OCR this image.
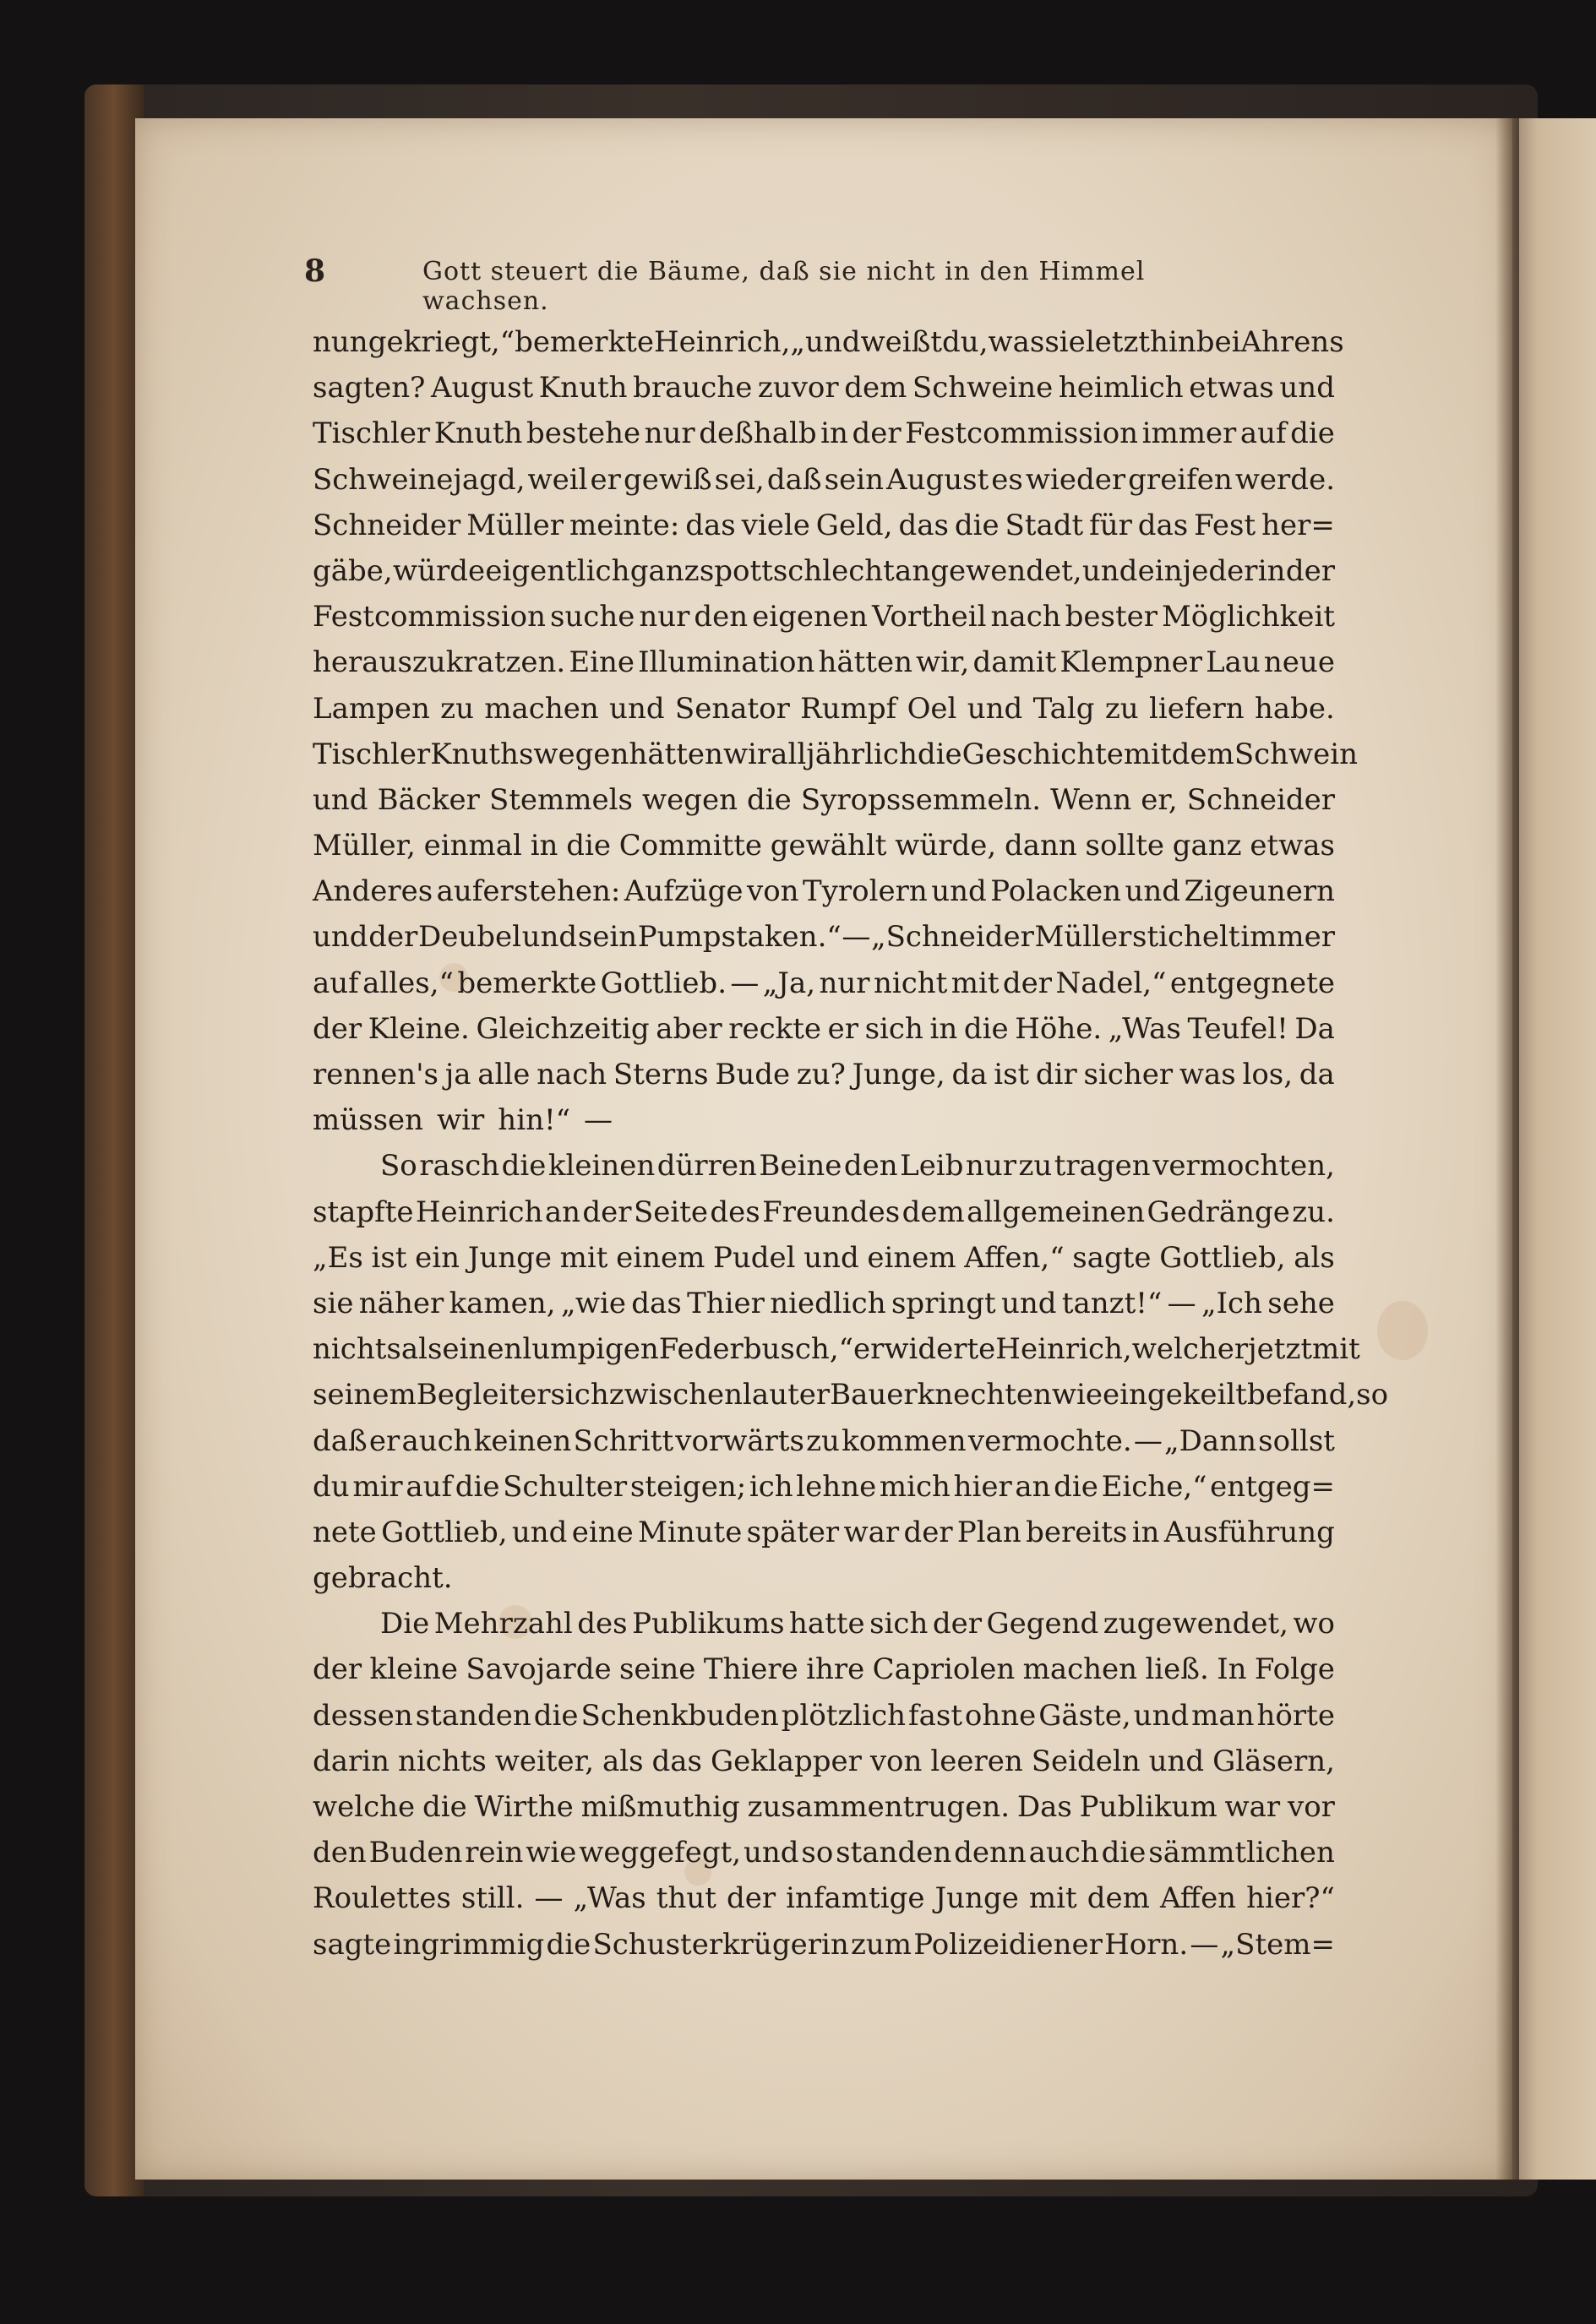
8	Gott steuert die Bäume, daß sie nicht in den Himmel wachsen.
nun gekriegt,“ bemerkte Heinrich, „und weißt du, was sie letzthin bei Ahrens
sagten? August Knuth brauche zuvor dem Schweine heimlich etwas und
Tischler Knuth bestehe nur deßhalb in der Festcommission immer auf die
Schweinejagd, weil er gewiß sei, daß sein August es wieder greifen werde.
Schneider Müller meinte: das viele Geld, das die Stadt für das Fest her=
gäbe, würde eigentlich ganz spottschlecht angewendet, und ein jeder in der
Festcommission suche nur den eigenen Vortheil nach bester Möglichkeit
herauszukratzen. Eine Illumination hätten wir, damit Klempner Lau neue
Lampen zu machen und Senator Rumpf Oel und Talg zu liefern habe.
Tischler Knuths wegen hätten wir alljährlich die Geschichte mit dem Schwein
und Bäcker Stemmels wegen die Syropssemmeln. Wenn er, Schneider
Müller, einmal in die Committe gewählt würde, dann sollte ganz etwas
Anderes auferstehen: Aufzüge von Tyrolern und Polacken und Zigeunern
und der Deubel und sein Pumpstaken.“ — „Schneider Müller stichelt immer
auf alles,“ bemerkte Gottlieb. — „Ja, nur nicht mit der Nadel,“ entgegnete
der Kleine. Gleichzeitig aber reckte er sich in die Höhe. „Was Teufel! Da
rennen's ja alle nach Sterns Bude zu? Junge, da ist dir sicher was los, da
müssen wir hin!“ —
So rasch die kleinen dürren Beine den Leib nur zu tragen vermochten,
stapfte Heinrich an der Seite des Freundes dem allgemeinen Gedränge zu.
„Es ist ein Junge mit einem Pudel und einem Affen,“ sagte Gottlieb, als
sie näher kamen, „wie das Thier niedlich springt und tanzt!“ — „Ich sehe
nichts als einen lumpigen Federbusch,“ erwiderte Heinrich, welcher jetzt mit
seinem Begleiter sich zwischen lauter Bauerknechten wie eingekeilt befand, so
daß er auch keinen Schritt vorwärts zu kommen vermochte. — „Dann sollst
du mir auf die Schulter steigen; ich lehne mich hier an die Eiche,“ entgeg=
nete Gottlieb, und eine Minute später war der Plan bereits in Ausführung
gebracht.
Die Mehrzahl des Publikums hatte sich der Gegend zugewendet, wo
der kleine Savojarde seine Thiere ihre Capriolen machen ließ. In Folge
dessen standen die Schenkbuden plötzlich fast ohne Gäste, und man hörte
darin nichts weiter, als das Geklapper von leeren Seideln und Gläsern,
welche die Wirthe mißmuthig zusammentrugen. Das Publikum war vor
den Buden rein wie weggefegt, und so standen denn auch die sämmtlichen
Roulettes still. — „Was thut der infamtige Junge mit dem Affen hier?“
sagte ingrimmig die Schusterkrügerin zum Polizeidiener Horn. — „Stem=
